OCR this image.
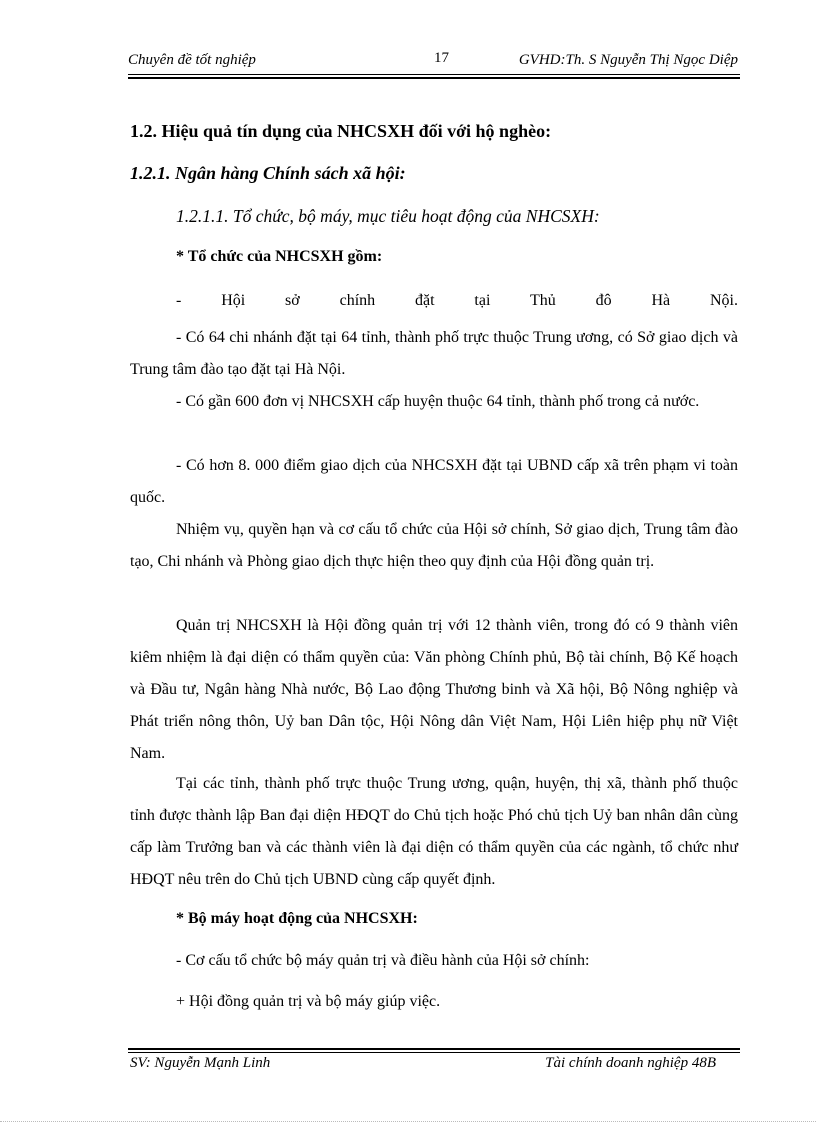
Chuyên đề tốt nghiệp	17	GVHD:Th. S Nguyễn Thị Ngọc Diệp
1.2. Hiệu quả tín dụng của NHCSXH đối với hộ nghèo:
1.2.1. Ngân hàng Chính sách xã hội:
1.2.1.1. Tổ chức, bộ máy, mục tiêu hoạt động của NHCSXH:
* Tổ chức của NHCSXH gồm:
-      Hội      sở      chính      đặt      tại      Thủ      đô      Hà      Nội.
- Có 64 chi nhánh đặt tại 64 tỉnh, thành phố trực thuộc Trung ương, có Sở giao dịch và Trung tâm đào tạo đặt tại Hà Nội.
- Có gần 600 đơn vị NHCSXH cấp huyện thuộc 64 tỉnh, thành phố trong cả nước.
- Có hơn 8. 000 điểm giao dịch của NHCSXH đặt tại UBND cấp xã trên phạm vi toàn quốc.
Nhiệm vụ, quyền hạn và cơ cấu tổ chức của Hội sở chính, Sở giao dịch, Trung tâm đào tạo, Chi nhánh và Phòng giao dịch thực hiện theo quy định của Hội đồng quản trị.
Quản trị NHCSXH là Hội đồng quản trị với 12 thành viên, trong đó có 9 thành viên kiêm nhiệm là đại diện có thẩm quyền của: Văn phòng Chính phủ, Bộ tài chính, Bộ Kế hoạch và Đầu tư, Ngân hàng Nhà nước, Bộ Lao động Thương binh và Xã hội, Bộ Nông nghiệp và Phát triển nông thôn, Uỷ ban Dân tộc, Hội Nông dân Việt Nam, Hội Liên hiệp phụ nữ Việt Nam.
Tại các tỉnh, thành phố trực thuộc Trung ương, quận, huyện, thị xã, thành phố thuộc tỉnh được thành lập Ban đại diện HĐQT do Chủ tịch hoặc Phó chủ tịch Uỷ ban nhân dân cùng cấp làm Trưởng ban và các thành viên là đại diện có thẩm quyền của các ngành, tổ chức như HĐQT nêu trên do Chủ tịch UBND cùng cấp quyết định.
* Bộ máy hoạt động của NHCSXH:
- Cơ cấu tổ chức bộ máy quản trị và điều hành của Hội sở chính:
+ Hội đồng quản trị và bộ máy giúp việc.
SV: Nguyễn Mạnh Linh	Tài chính doanh nghiệp 48B
